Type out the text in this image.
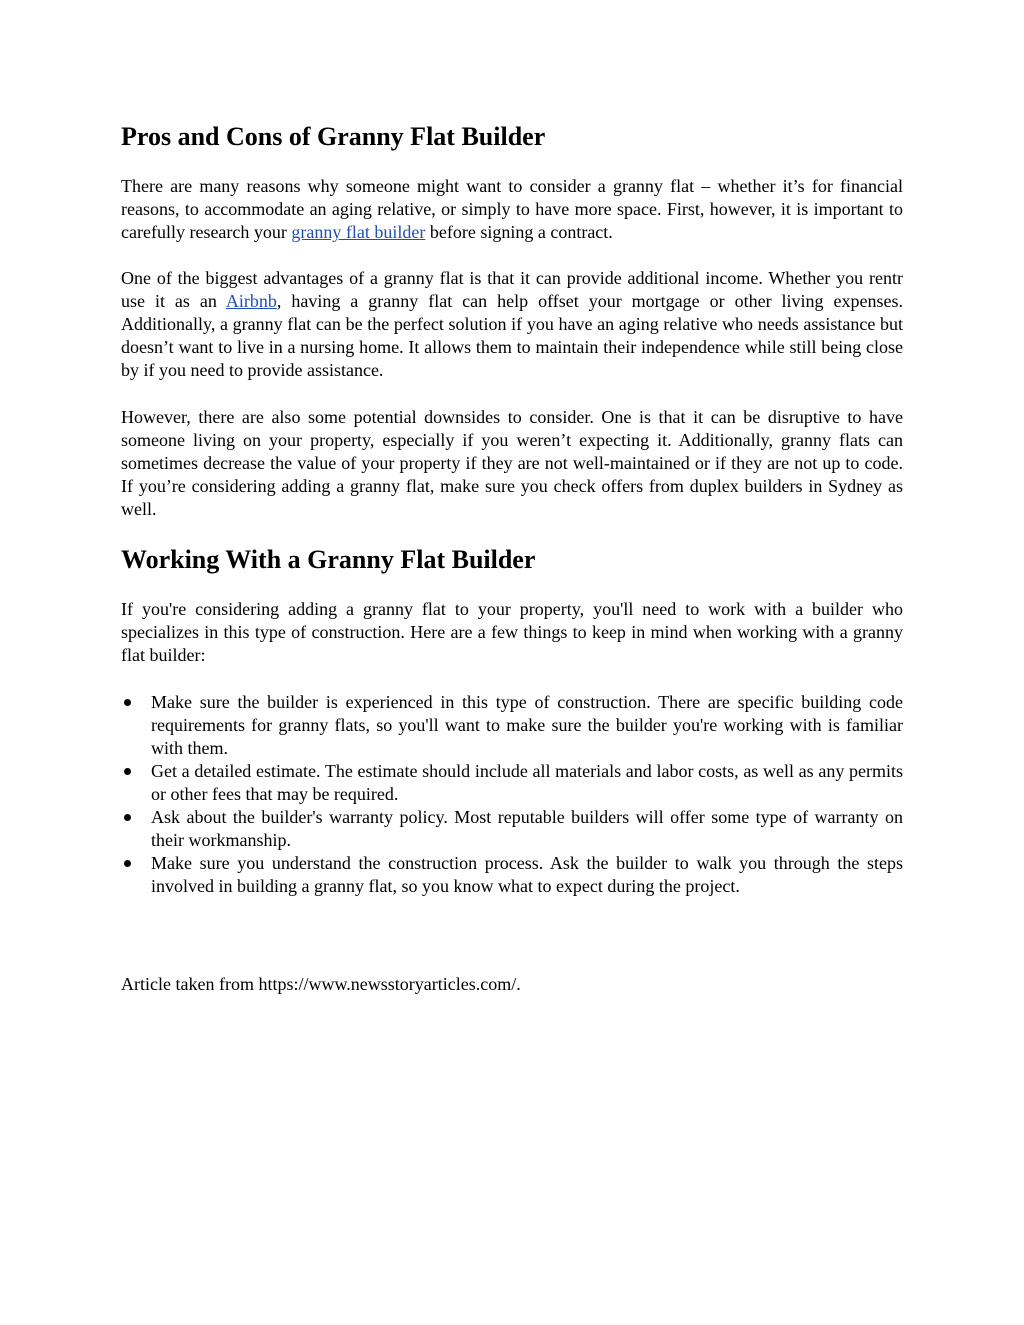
Pros and Cons of Granny Flat Builder

There are many reasons why someone might want to consider a granny flat – whether it’s for financial reasons, to accommodate an aging relative, or simply to have more space. First, however, it is important to carefully research your granny flat builder before signing a contract.

One of the biggest advantages of a granny flat is that it can provide additional income. Whether you rentr use it as an Airbnb, having a granny flat can help offset your mortgage or other living expenses. Additionally, a granny flat can be the perfect solution if you have an aging relative who needs assistance but doesn’t want to live in a nursing home. It allows them to maintain their independence while still being close by if you need to provide assistance.

However, there are also some potential downsides to consider. One is that it can be disruptive to have someone living on your property, especially if you weren’t expecting it. Additionally, granny flats can sometimes decrease the value of your property if they are not well-maintained or if they are not up to code. If you’re considering adding a granny flat, make sure you check offers from duplex builders in Sydney as well.

Working With a Granny Flat Builder

If you're considering adding a granny flat to your property, you'll need to work with a builder who specializes in this type of construction. Here are a few things to keep in mind when working with a granny flat builder:

Make sure the builder is experienced in this type of construction. There are specific building code requirements for granny flats, so you'll want to make sure the builder you're working with is familiar with them.
Get a detailed estimate. The estimate should include all materials and labor costs, as well as any permits or other fees that may be required.
Ask about the builder's warranty policy. Most reputable builders will offer some type of warranty on their workmanship.
Make sure you understand the construction process. Ask the builder to walk you through the steps involved in building a granny flat, so you know what to expect during the project.

Article taken from https://www.newsstoryarticles.com/.
